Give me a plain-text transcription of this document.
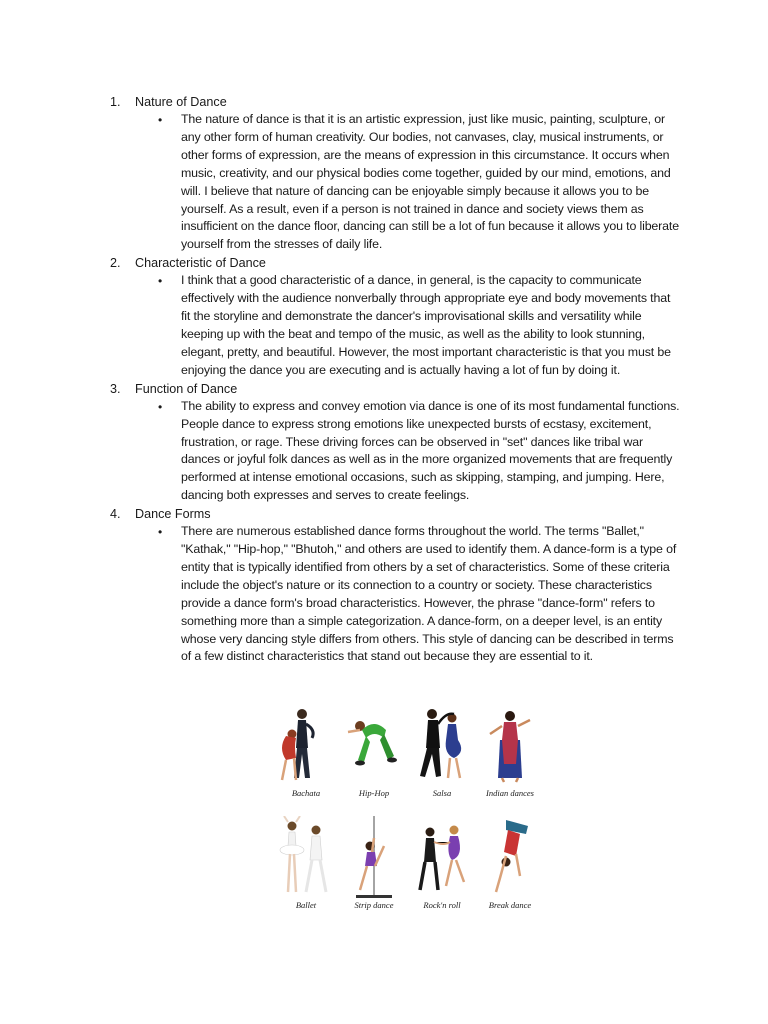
1. Nature of Dance
• The nature of dance is that it is an artistic expression, just like music, painting, sculpture, or any other form of human creativity. Our bodies, not canvases, clay, musical instruments, or other forms of expression, are the means of expression in this circumstance. It occurs when music, creativity, and our physical bodies come together, guided by our mind, emotions, and will. I believe that nature of dancing can be enjoyable simply because it allows you to be yourself. As a result, even if a person is not trained in dance and society views them as insufficient on the dance floor, dancing can still be a lot of fun because it allows you to liberate yourself from the stresses of daily life.

2. Characteristic of Dance
• I think that a good characteristic of a dance, in general, is the capacity to communicate effectively with the audience nonverbally through appropriate eye and body movements that fit the storyline and demonstrate the dancer's improvisational skills and versatility while keeping up with the beat and tempo of the music, as well as the ability to look stunning, elegant, pretty, and beautiful. However, the most important characteristic is that you must be enjoying the dance you are executing and is actually having a lot of fun by doing it.

3. Function of Dance
• The ability to express and convey emotion via dance is one of its most fundamental functions. People dance to express strong emotions like unexpected bursts of ecstasy, excitement, frustration, or rage. These driving forces can be observed in "set" dances like tribal war dances or joyful folk dances as well as in the more organized movements that are frequently performed at intense emotional occasions, such as skipping, stamping, and jumping. Here, dancing both expresses and serves to create feelings.

4. Dance Forms
• There are numerous established dance forms throughout the world. The terms "Ballet," "Kathak," "Hip-hop," "Bhutoh," and others are used to identify them. A dance-form is a type of entity that is typically identified from others by a set of characteristics. Some of these criteria include the object's nature or its connection to a country or society. These characteristics provide a dance form's broad characteristics. However, the phrase "dance-form" refers to something more than a simple categorization. A dance-form, on a deeper level, is an entity whose very dancing style differs from others. This style of dancing can be described in terms of a few distinct characteristics that stand out because they are essential to it.

Bachata	Hip-Hop	Salsa	Indian dances
Ballet	Strip dance	Rock'n roll	Break dance
